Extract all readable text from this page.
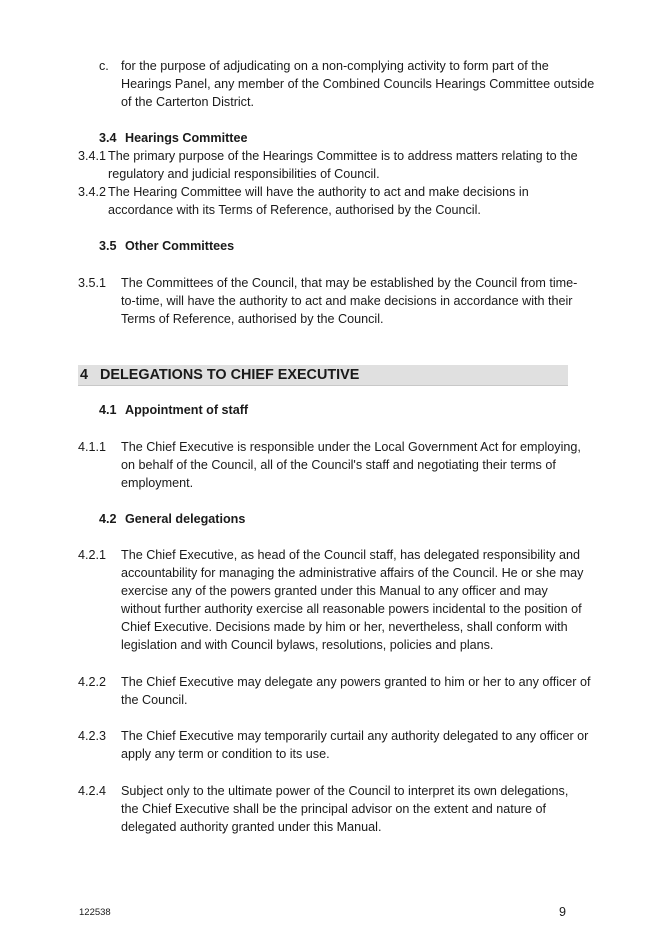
c. for the purpose of adjudicating on a non-complying activity to form part of the
Hearings Panel, any member of the Combined Councils Hearings Committee outside
of the Carterton District.
3.4 Hearings Committee
3.4.1 The primary purpose of the Hearings Committee is to address matters relating to the
regulatory and judicial responsibilities of Council.
3.4.2 The Hearing Committee will have the authority to act and make decisions in
accordance with its Terms of Reference, authorised by the Council.
3.5 Other Committees
3.5.1 The Committees of the Council, that may be established by the Council from time-
to-time, will have the authority to act and make decisions in accordance with their
Terms of Reference, authorised by the Council.
4 DELEGATIONS TO CHIEF EXECUTIVE
4.1 Appointment of staff
4.1.1 The Chief Executive is responsible under the Local Government Act for employing,
on behalf of the Council, all of the Council's staff and negotiating their terms of
employment.
4.2 General delegations
4.2.1 The Chief Executive, as head of the Council staff, has delegated responsibility and
accountability for managing the administrative affairs of the Council. He or she may
exercise any of the powers granted under this Manual to any officer and may
without further authority exercise all reasonable powers incidental to the position of
Chief Executive. Decisions made by him or her, nevertheless, shall conform with
legislation and with Council bylaws, resolutions, policies and plans.
4.2.2 The Chief Executive may delegate any powers granted to him or her to any officer of
the Council.
4.2.3 The Chief Executive may temporarily curtail any authority delegated to any officer or
apply any term or condition to its use.
4.2.4 Subject only to the ultimate power of the Council to interpret its own delegations,
the Chief Executive shall be the principal advisor on the extent and nature of
delegated authority granted under this Manual.
122538	9
